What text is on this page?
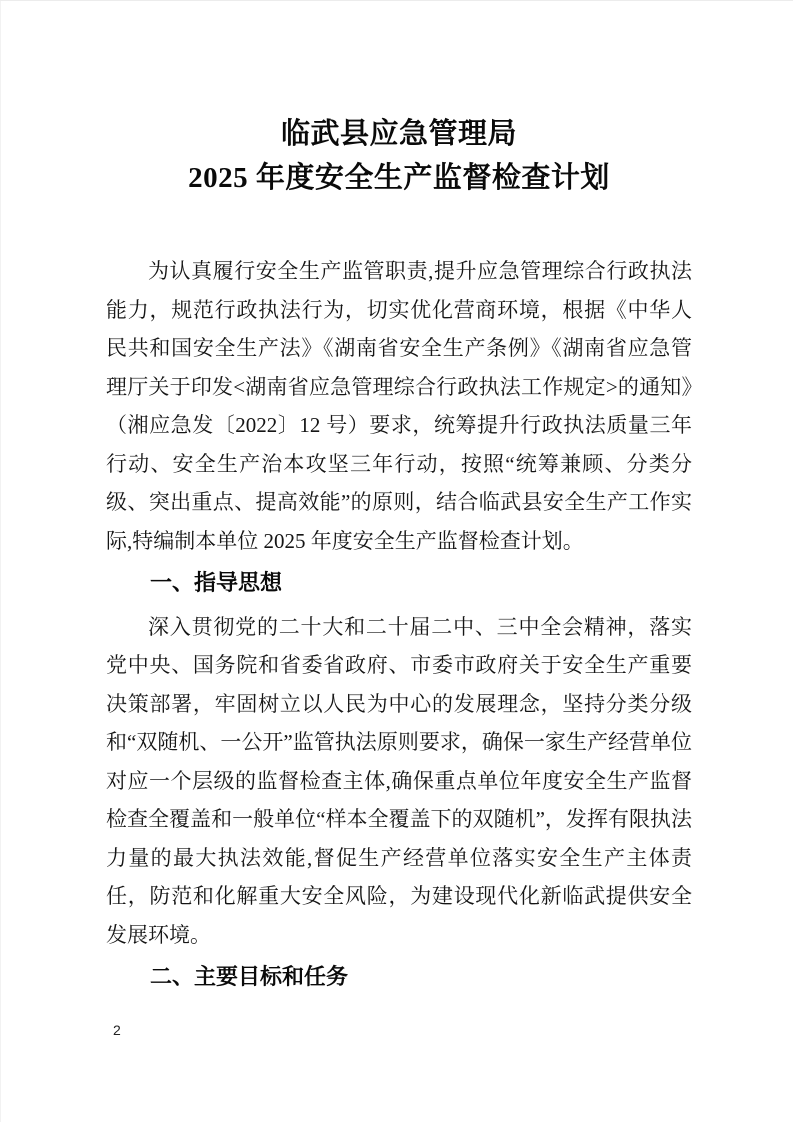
临武县应急管理局
2025 年度安全生产监督检查计划

为认真履行安全生产监管职责,提升应急管理综合行政执法能力，规范行政执法行为，切实优化营商环境，根据《中华人民共和国安全生产法》《湖南省安全生产条例》《湖南省应急管理厅关于印发<湖南省应急管理综合行政执法工作规定>的通知》（湘应急发〔2022〕12 号）要求，统筹提升行政执法质量三年行动、安全生产治本攻坚三年行动，按照“统筹兼顾、分类分级、突出重点、提高效能”的原则，结合临武县安全生产工作实际,特编制本单位 2025 年度安全生产监督检查计划。

一、指导思想

深入贯彻党的二十大和二十届二中、三中全会精神，落实党中央、国务院和省委省政府、市委市政府关于安全生产重要决策部署，牢固树立以人民为中心的发展理念，坚持分类分级和“双随机、一公开”监管执法原则要求，确保一家生产经营单位对应一个层级的监督检查主体,确保重点单位年度安全生产监督检查全覆盖和一般单位“样本全覆盖下的双随机”，发挥有限执法力量的最大执法效能,督促生产经营单位落实安全生产主体责任，防范和化解重大安全风险，为建设现代化新临武提供安全发展环境。

二、主要目标和任务
2
